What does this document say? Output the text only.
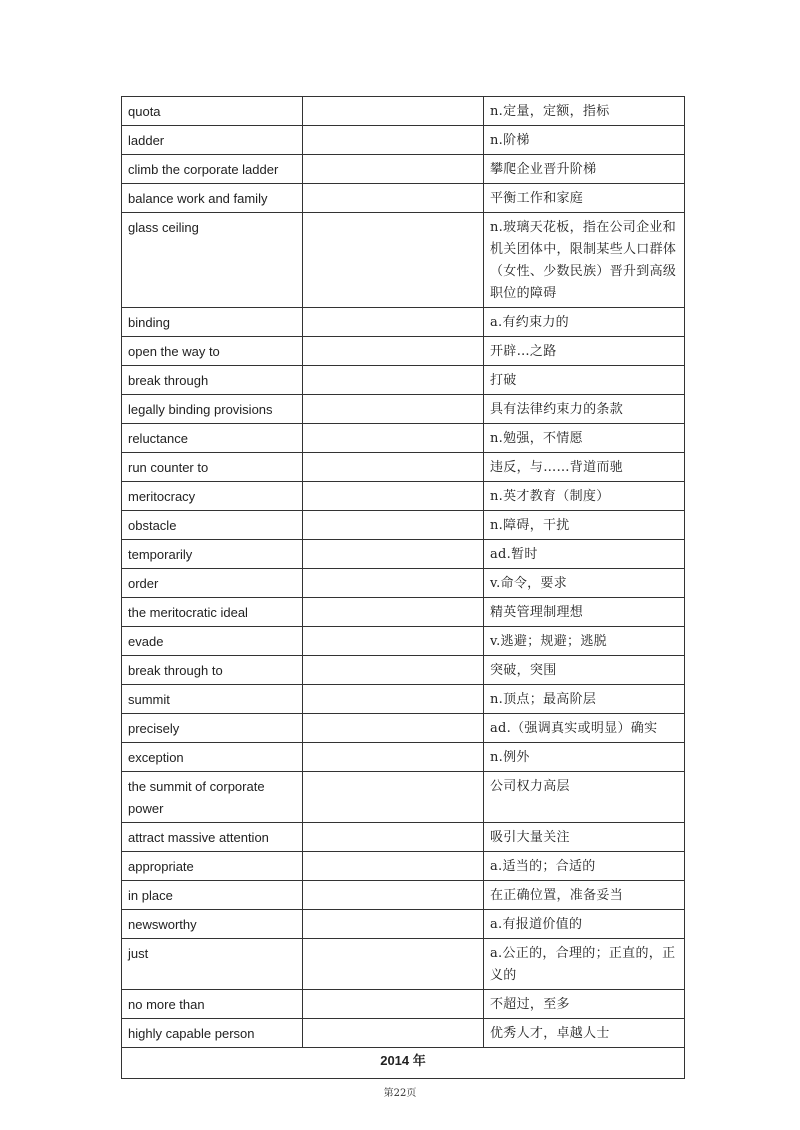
quota		n.定量，定额，指标
ladder		n.阶梯
climb the corporate ladder		攀爬企业晋升阶梯
balance work and family		平衡工作和家庭
glass ceiling		n.玻璃天花板，指在公司企业和机关团体中，限制某些人口群体（女性、少数民族）晋升到高级职位的障碍
binding		a.有约束力的
open the way to		开辟…之路
break through		打破
legally binding provisions		具有法律约束力的条款
reluctance		n.勉强，不情愿
run counter to		违反，与……背道而驰
meritocracy		n.英才教育（制度）
obstacle		n.障碍，干扰
temporarily		ad.暂时
order		v.命令，要求
the meritocratic ideal		精英管理制理想
evade		v.逃避；规避；逃脱
break through to		突破，突围
summit		n.顶点；最高阶层
precisely		ad.（强调真实或明显）确实
exception		n.例外
the summit of corporate power		公司权力高层
attract massive attention		吸引大量关注
appropriate		a.适当的；合适的
in place		在正确位置，准备妥当
newsworthy		a.有报道价值的
just		a.公正的，合理的；正直的，正义的
no more than		不超过，至多
highly capable person		优秀人才，卓越人士
2014 年		
第22页
